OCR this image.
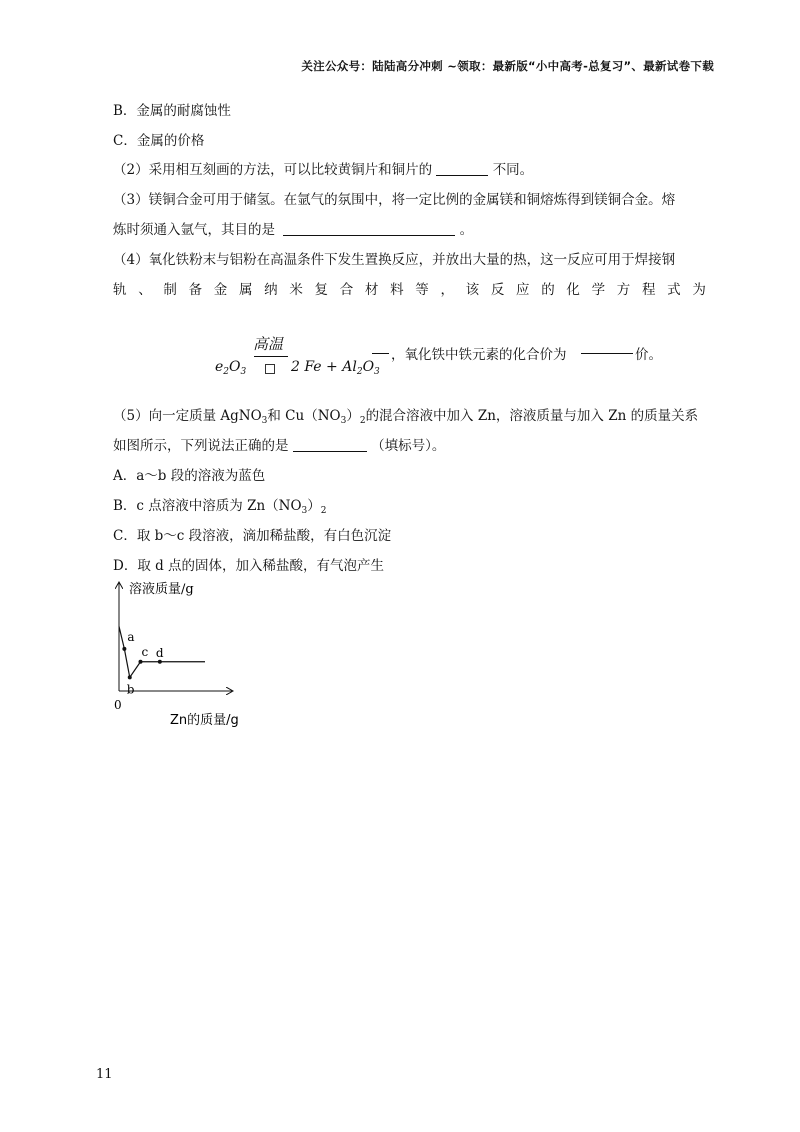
关注公众号：陆陆高分冲刺 ~领取：最新版“小中高考-总复习”、最新试卷下载
B．金属的耐腐蚀性
C．金属的价格
（2）采用相互刻画的方法，可以比较黄铜片和铜片的	不同。
（3）镁铜合金可用于储氢。在氩气的氛围中，将一定比例的金属镁和铜熔炼得到镁铜合金。熔
炼时须通入氩气，其目的是	。
（4）氧化铁粉末与铝粉在高温条件下发生置换反应，并放出大量的热，这一反应可用于焊接钢
轨 、 制 备 金 属 纳 米 复 合 材 料 等 ， 该 反 应 的 化 学 方 程 式 为
高温
$e_2O_3$	2 $Fe + Al_2O_3$
，氧化铁中铁元素的化合价为	价。
（5）向一定质量 AgNO$_3$和 $Cu(NO_3)_2$的混合溶液中加入 Zn，溶液质量与加入 Zn 的质量关系
如图所示，下列说法正确的是	（填标号）。
A．a～b 段的溶液为蓝色
B．c 点溶液中溶质为 $Zn(NO_3)_2$
C．取 b～c 段溶液，滴加稀盐酸，有白色沉淀
D．取 d 点的固体，加入稀盐酸，有气泡产生
溶液质量/g
Zn的质量/g
0
a
b
c d
11
